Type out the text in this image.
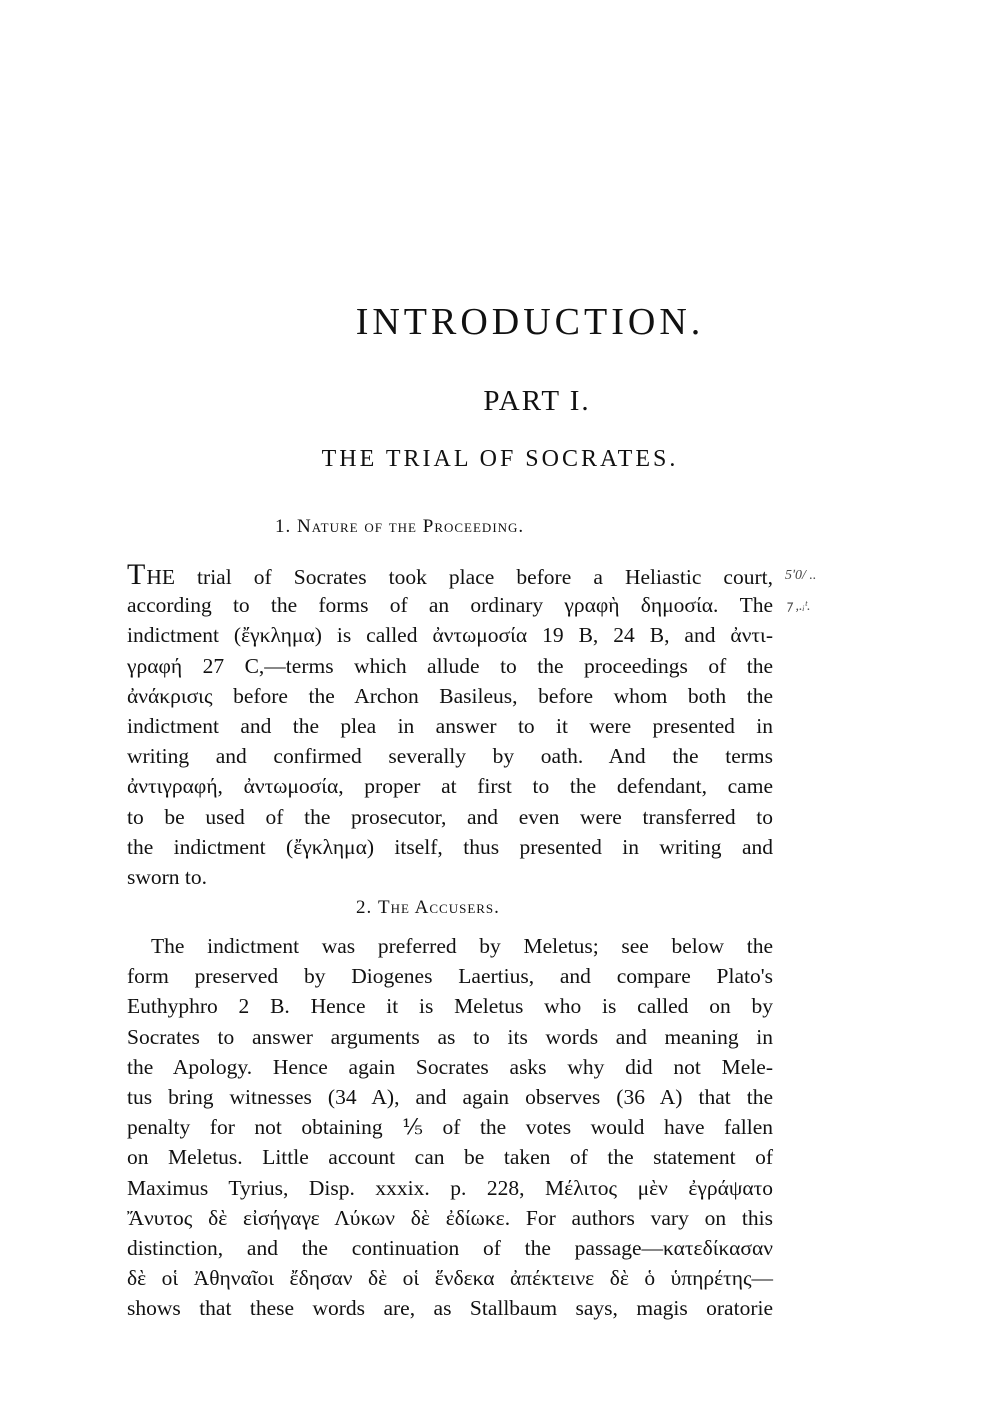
INTRODUCTION.
PART I.
THE TRIAL OF SOCRATES.
1. Nature of the Proceeding.
THE trial of Socrates took place before a Heliastic court,
according to the forms of an ordinary γραφὴ δημοσία. The
indictment (ἔγκλημα) is called ἀντωμοσία 19 B, 24 B, and ἀντι-
γραφή 27 C,—terms which allude to the proceedings of the
ἀνάκρισις before the Archon Basileus, before whom both the
indictment and the plea in answer to it were presented in
writing and confirmed severally by oath. And the terms
ἀντιγραφή, ἀντωμοσία, proper at first to the defendant, came
to be used of the prosecutor, and even were transferred to
the indictment (ἔγκλημα) itself, thus presented in writing and
sworn to.
5ʹ0/ ..
⁊ ,.ᵢᵗ.
2. The Accusers.
The indictment was preferred by Meletus; see below the
form preserved by Diogenes Laertius, and compare Plato's
Euthyphro 2 B. Hence it is Meletus who is called on by
Socrates to answer arguments as to its words and meaning in
the Apology. Hence again Socrates asks why did not Mele-
tus bring witnesses (34 A), and again observes (36 A) that the
penalty for not obtaining ⅕ of the votes would have fallen
on Meletus. Little account can be taken of the statement of
Maximus Tyrius, Disp. xxxix. p. 228, Μέλιτος μὲν ἐγράψατο
Ἄνυτος δὲ εἰσήγαγε Λύκων δὲ ἐδίωκε. For authors vary on this
distinction, and the continuation of the passage—κατεδίκασαν
δὲ οἱ Ἀθηναῖοι ἔδησαν δὲ οἱ ἕνδεκα ἀπέκτεινε δὲ ὁ ὑπηρέτης—
shows that these words are, as Stallbaum says, magis oratorie
